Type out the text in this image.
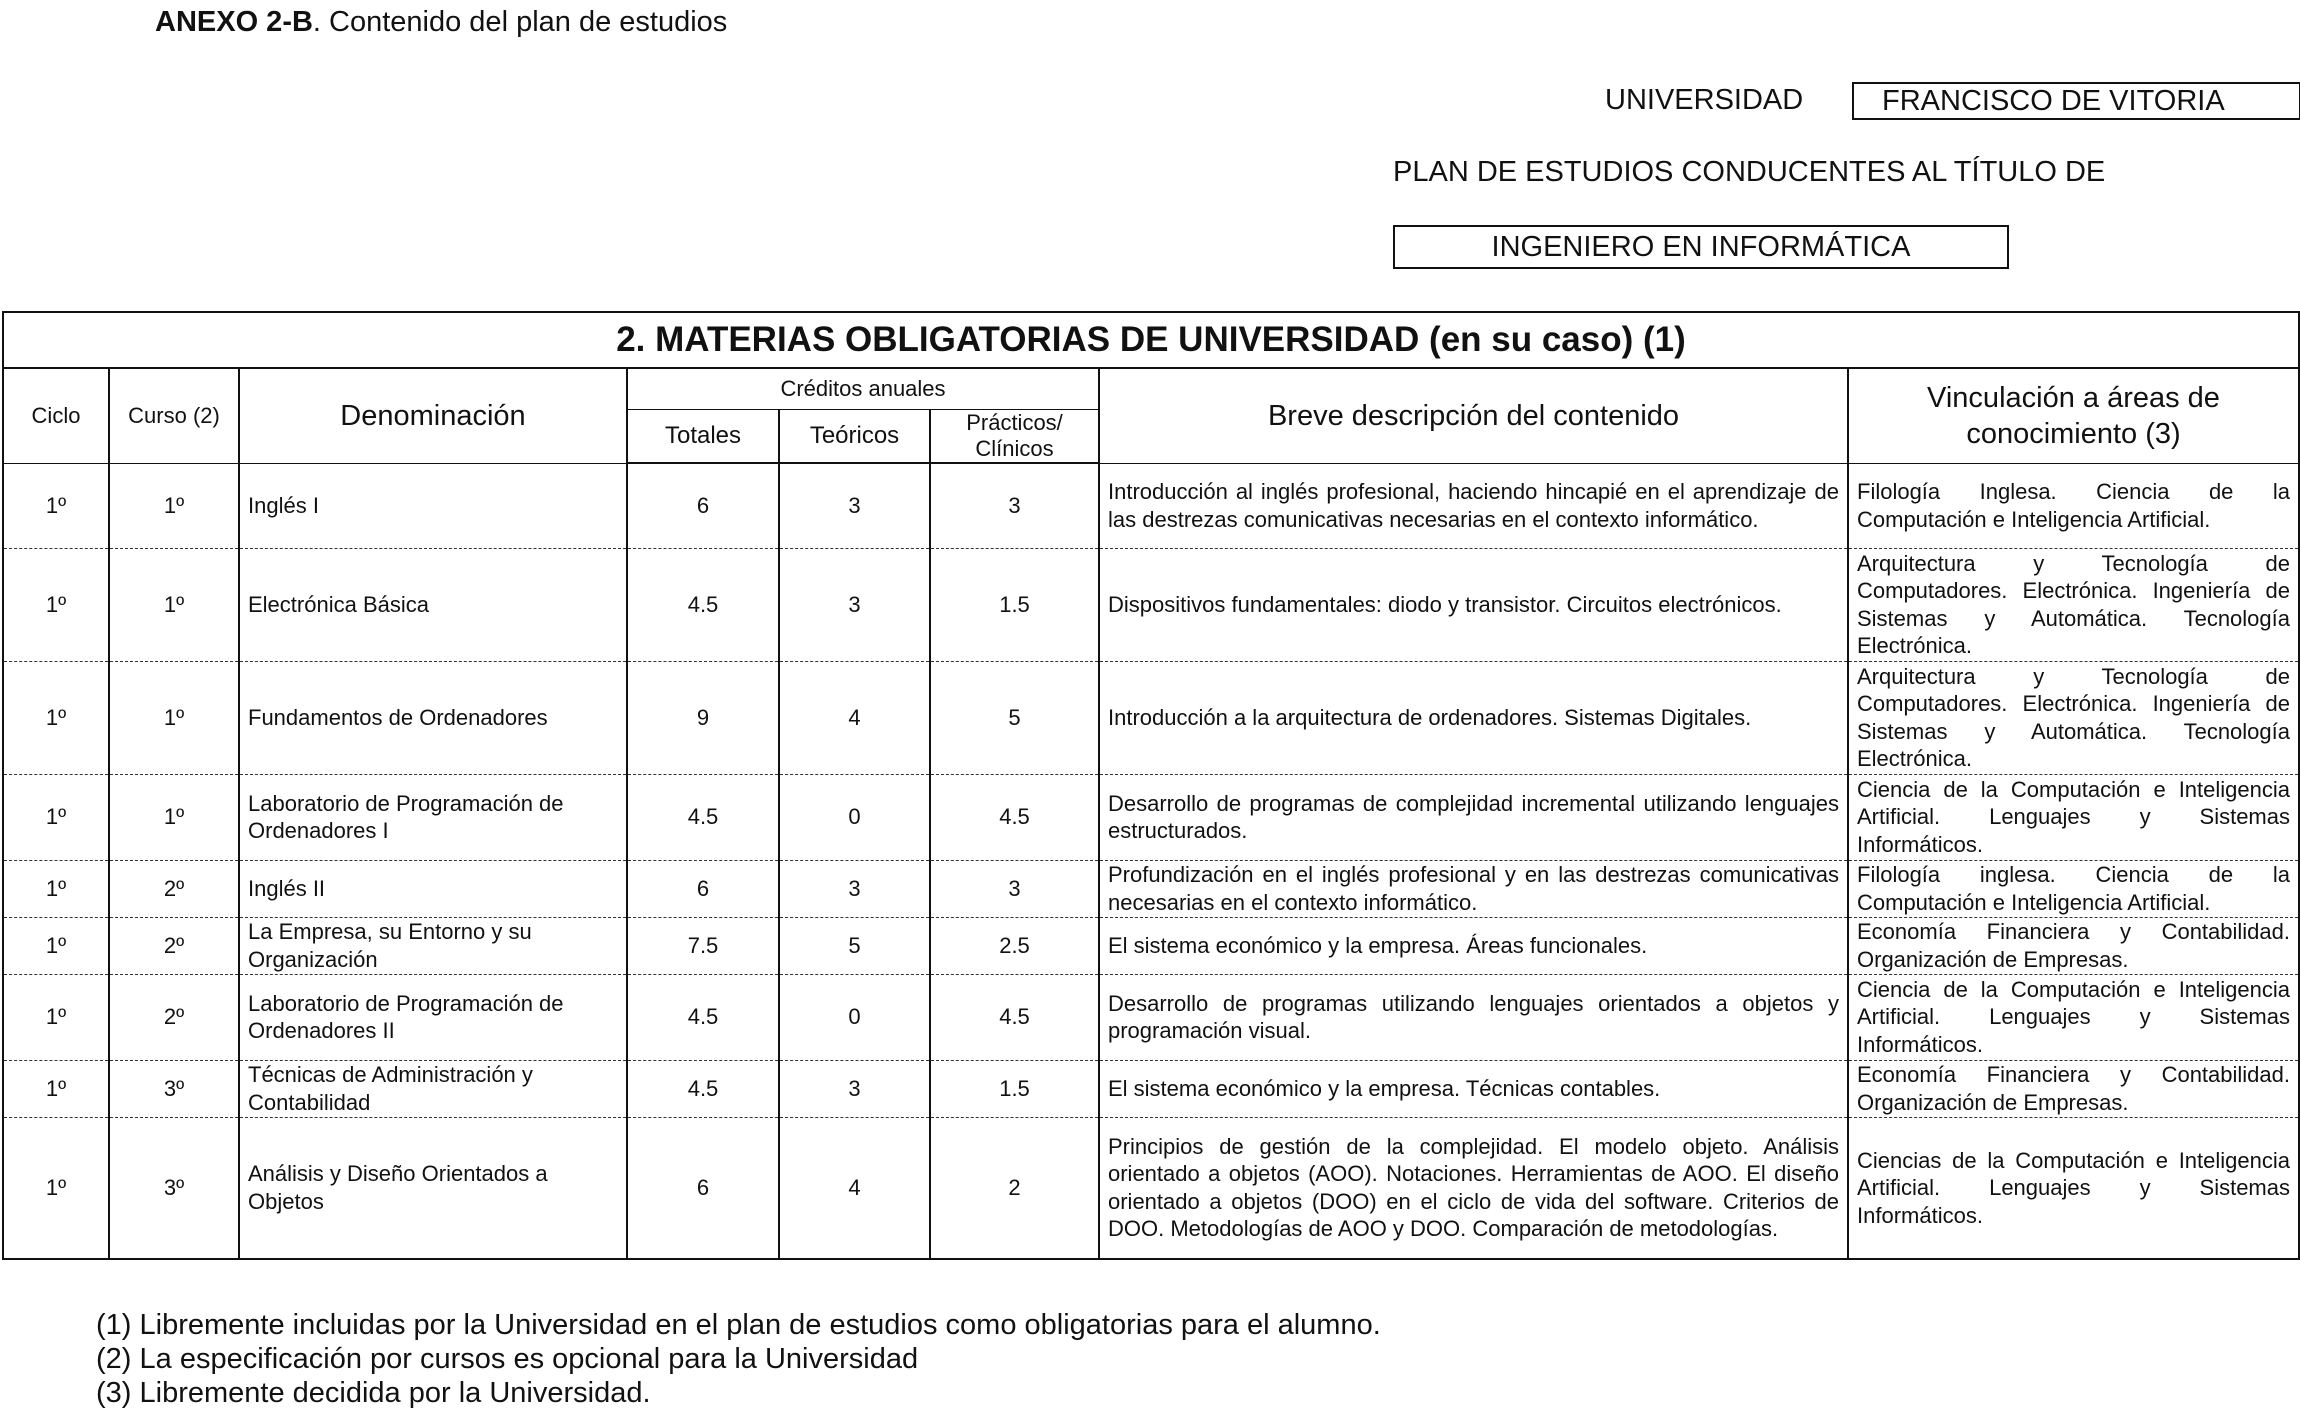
ANEXO 2-B. Contenido del plan de estudios
UNIVERSIDAD	FRANCISCO DE VITORIA
PLAN DE ESTUDIOS CONDUCENTES AL TÍTULO DE
INGENIERO EN INFORMÁTICA
2. MATERIAS OBLIGATORIAS DE UNIVERSIDAD (en su caso) (1)							
Ciclo	Curso (2)	Denominación	Créditos anuales			Breve descripción del contenido	Vinculación a áreas de conocimiento (3)
			Totales	Teóricos	Prácticos/ Clínicos		
1º	1º	Inglés I	6	3	3	Introducción al inglés profesional, haciendo hincapié en el aprendizaje de las destrezas comunicativas necesarias en el contexto informático.	Filología Inglesa. Ciencia de la Computación e Inteligencia Artificial.
1º	1º	Electrónica Básica	4.5	3	1.5	Dispositivos fundamentales: diodo y transistor. Circuitos electrónicos.	Arquitectura y Tecnología de Computadores. Electrónica. Ingeniería de Sistemas y Automática. Tecnología Electrónica.
1º	1º	Fundamentos de Ordenadores	9	4	5	Introducción a la arquitectura de ordenadores. Sistemas Digitales.	Arquitectura y Tecnología de Computadores. Electrónica. Ingeniería de Sistemas y Automática. Tecnología Electrónica.
1º	1º	Laboratorio de Programación de Ordenadores I	4.5	0	4.5	Desarrollo de programas de complejidad incremental utilizando lenguajes estructurados.	Ciencia de la Computación e Inteligencia Artificial. Lenguajes y Sistemas Informáticos.
1º	2º	Inglés II	6	3	3	Profundización en el inglés profesional y en las destrezas comunicativas necesarias en el contexto informático.	Filología inglesa. Ciencia de la Computación e Inteligencia Artificial.
1º	2º	La Empresa, su Entorno y su Organización	7.5	5	2.5	El sistema económico y la empresa. Áreas funcionales.	Economía Financiera y Contabilidad. Organización de Empresas.
1º	2º	Laboratorio de Programación de Ordenadores II	4.5	0	4.5	Desarrollo de programas utilizando lenguajes orientados a objetos y programación visual.	Ciencia de la Computación e Inteligencia Artificial. Lenguajes y Sistemas Informáticos.
1º	3º	Técnicas de Administración y Contabilidad	4.5	3	1.5	El sistema económico y la empresa. Técnicas contables.	Economía Financiera y Contabilidad. Organización de Empresas.
1º	3º	Análisis y Diseño Orientados a Objetos	6	4	2	Principios de gestión de la complejidad. El modelo objeto. Análisis orientado a objetos (AOO). Notaciones. Herramientas de AOO. El diseño orientado a objetos (DOO) en el ciclo de vida del software. Criterios de DOO. Metodologías de AOO y DOO. Comparación de metodologías.	Ciencias de la Computación e Inteligencia Artificial. Lenguajes y Sistemas Informáticos.
(1) Libremente incluidas por la Universidad en el plan de estudios como obligatorias para el alumno.
(2) La especificación por cursos es opcional para la Universidad
(3) Libremente decidida por la Universidad.
